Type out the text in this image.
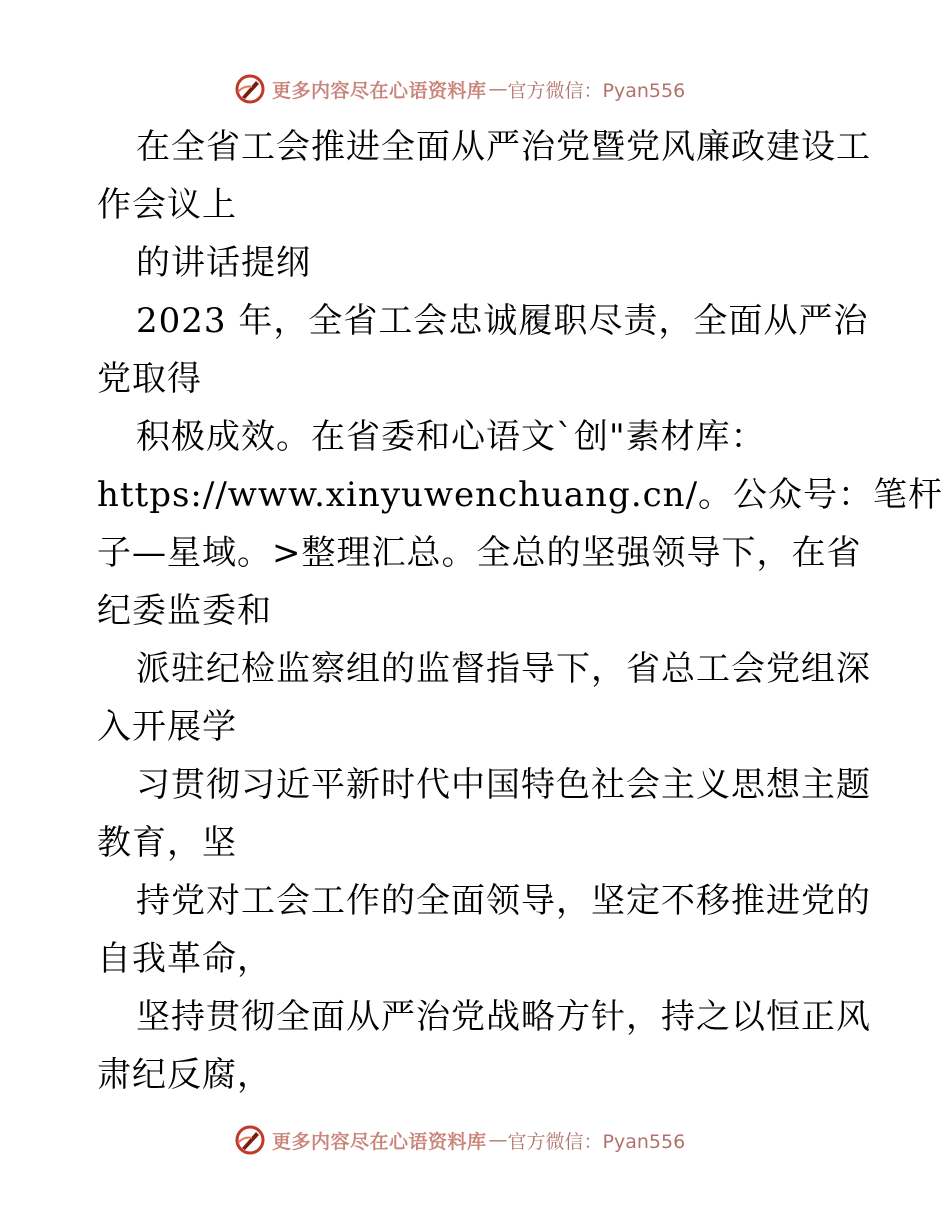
更多内容尽在心语资料库 — 官方微信：Pyan556
在全省工会推进全面从严治党暨党风廉政建设工
作会议上
的讲话提纲
2023 年，全省工会忠诚履职尽责，全面从严治
党取得
积极成效。在省委和心语文`创"素材库：
https://www.xinyuwenchuang.cn/。公众号：笔杆
子—星域。>整理汇总。全总的坚强领导下，在省
纪委监委和
派驻纪检监察组的监督指导下，省总工会党组深
入开展学
习贯彻习近平新时代中国特色社会主义思想主题
教育，坚
持党对工会工作的全面领导，坚定不移推进党的
自我革命，
坚持贯彻全面从严治党战略方针，持之以恒正风
肃纪反腐，
更多内容尽在心语资料库 — 官方微信：Pyan556
